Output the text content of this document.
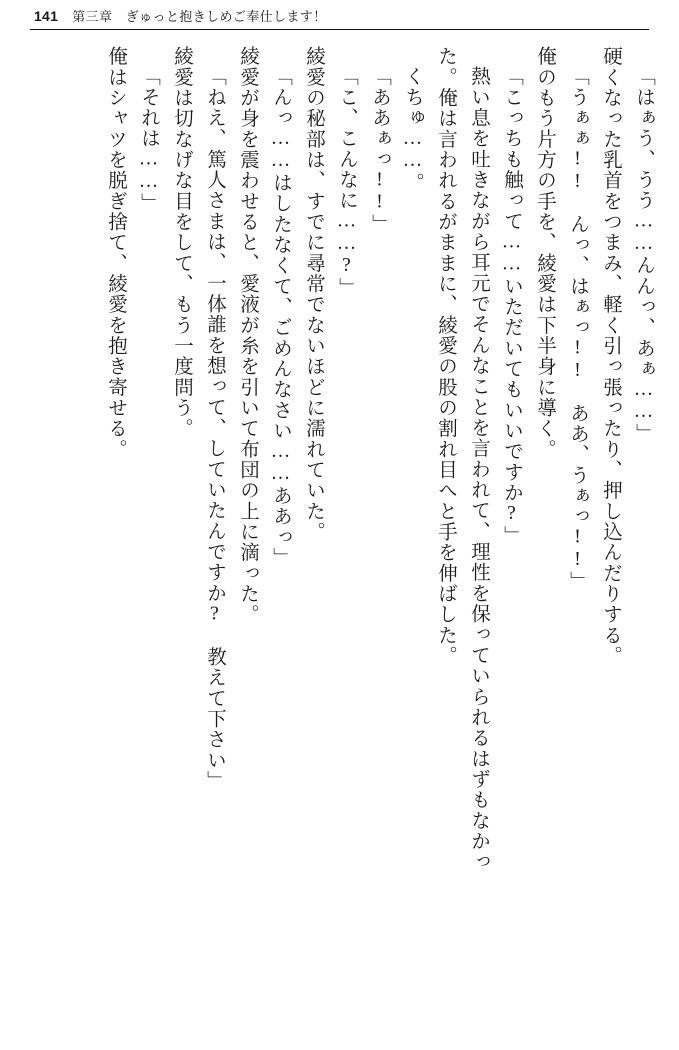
141 第三章　ぎゅっと抱きしめご奉仕します！
「はぁう、うう……んんっ、あぁ……」
硬くなった乳首をつまみ、軽く引っ張ったり、押し込んだりする。
「うぁぁ!!　んっ、はぁっ!!　ああ、うぁっ!!」
俺のもう片方の手を、綾愛は下半身に導く。
「こっちも触って……いただいてもいいですか?」
熱い息を吐きながら耳元でそんなことを言われて、理性を保っていられるはずもなかっ
た。俺は言われるがままに、綾愛の股の割れ目へと手を伸ばした。
くちゅ……。
「ああぁっ!!」
「こ、こんなに……?」
綾愛の秘部は、すでに尋常でないほどに濡れていた。
「んっ……はしたなくて、ごめんなさい……ああっ」
綾愛が身を震わせると、愛液が糸を引いて布団の上に滴った。
「ねえ、篤人さまは、一体誰を想って、していたんですか?　教えて下さい」
綾愛は切なげな目をして、もう一度問う。
「それは……」
俺はシャツを脱ぎ捨て、綾愛を抱き寄せる。
